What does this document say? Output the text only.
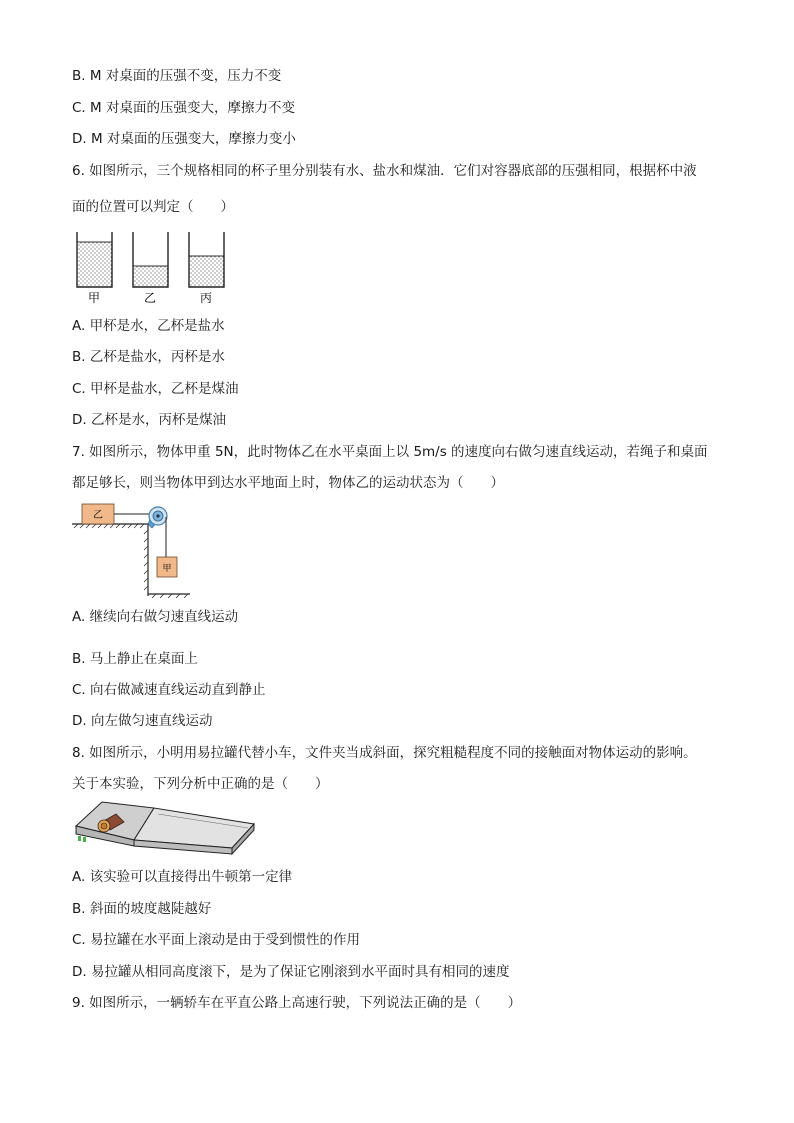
B. M 对桌面的压强不变，压力不变
C. M 对桌面的压强变大，摩擦力不变
D. M 对桌面的压强变大，摩擦力变小
6. 如图所示，三个规格相同的杯子里分别装有水、盐水和煤油．它们对容器底部的压强相同，根据杯中液
面的位置可以判定（　　）
甲	乙	丙
A. 甲杯是水，乙杯是盐水
B. 乙杯是盐水，丙杯是水
C. 甲杯是盐水，乙杯是煤油
D. 乙杯是水，丙杯是煤油
7. 如图所示，物体甲重 5N，此时物体乙在水平桌面上以 5m/s 的速度向右做匀速直线运动，若绳子和桌面
都足够长，则当物体甲到达水平地面上时，物体乙的运动状态为（　　）
乙
甲
A. 继续向右做匀速直线运动
B. 马上静止在桌面上
C. 向右做减速直线运动直到静止
D. 向左做匀速直线运动
8. 如图所示，小明用易拉罐代替小车，文件夹当成斜面，探究粗糙程度不同的接触面对物体运动的影响。
关于本实验，下列分析中正确的是（　　）
A. 该实验可以直接得出牛顿第一定律
B. 斜面的坡度越陡越好
C. 易拉罐在水平面上滚动是由于受到惯性的作用
D. 易拉罐从相同高度滚下，是为了保证它刚滚到水平面时具有相同的速度
9. 如图所示，一辆轿车在平直公路上高速行驶，下列说法正确的是（　　）
